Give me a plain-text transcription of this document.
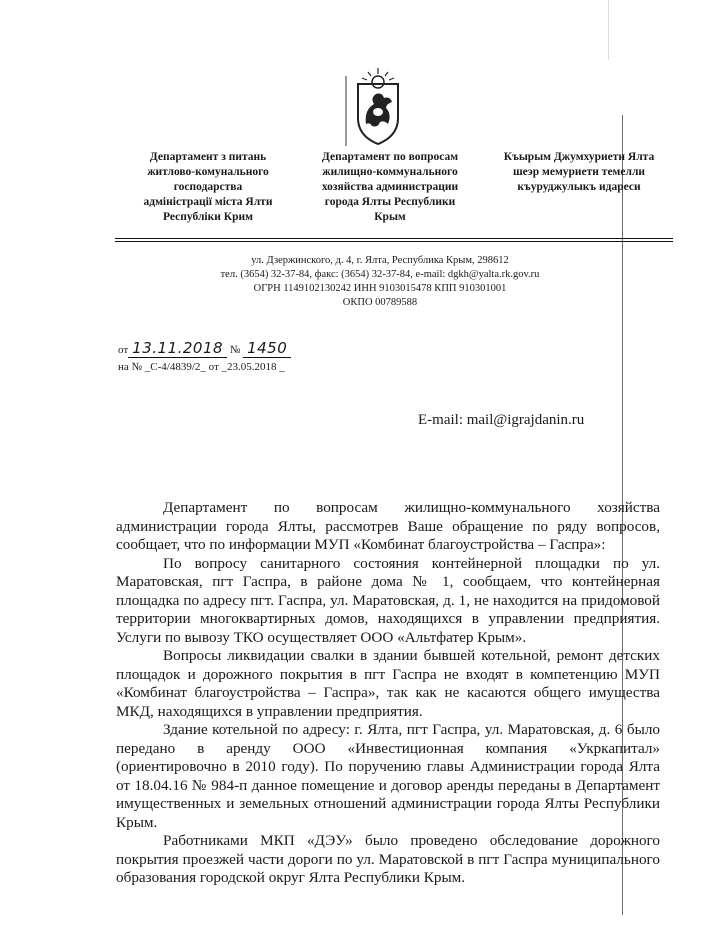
Департамент з питань
житлово-комунального
господарства
адміністрації міста Ялти
Республіки Крим
Департамент по вопросам
жилищно-коммунального
хозяйства администрации
города Ялты Республики
Крым
Къырым Джумхуриети Ялта
шеэр мемуриети темелли
къуруджулыкъ идареси
ул. Дзержинского, д. 4, г. Ялта, Республика Крым, 298612
тел. (3654) 32-37-84, факс: (3654) 32-37-84, e-mail: dgkh@yalta.rk.gov.ru
ОГРН 1149102130242 ИНН 9103015478 КПП 910301001
ОКПО 00789588
от 13.11.2018 № 1450
на № _С-4/4839/2_ от _23.05.2018 _
E-mail: mail@igrajdanin.ru

Департамент по вопросам жилищно-коммунального хозяйства администрации города Ялты, рассмотрев Ваше обращение по ряду вопросов, сообщает, что по информации МУП «Комбинат благоустройства – Гаспра»:

По вопросу санитарного состояния контейнерной площадки по ул. Маратовская, пгт Гаспра, в районе дома № 1, сообщаем, что контейнерная площадка по адресу пгт. Гаспра, ул. Маратовская, д. 1, не находится на придомовой территории многоквартирных домов, находящихся в управлении предприятия. Услуги по вывозу ТКО осуществляет ООО «Альтфатер Крым».

Вопросы ликвидации свалки в здании бывшей котельной, ремонт детских площадок и дорожного покрытия в пгт Гаспра не входят в компетенцию МУП «Комбинат благоустройства – Гаспра», так как не касаются общего имущества МКД, находящихся в управлении предприятия.

Здание котельной по адресу: г. Ялта, пгт Гаспра, ул. Маратовская, д. 6 было передано в аренду ООО «Инвестиционная компания «Укркапитал» (ориентировочно в 2010 году). По поручению главы Администрации города Ялта от 18.04.16 № 984-п данное помещение и договор аренды переданы в Департамент имущественных и земельных отношений администрации города Ялты Республики Крым.

Работниками МКП «ДЭУ» было проведено обследование дорожного покрытия проезжей части дороги по ул. Маратовской в пгт Гаспра муниципального образования городской округ Ялта Республики Крым.
